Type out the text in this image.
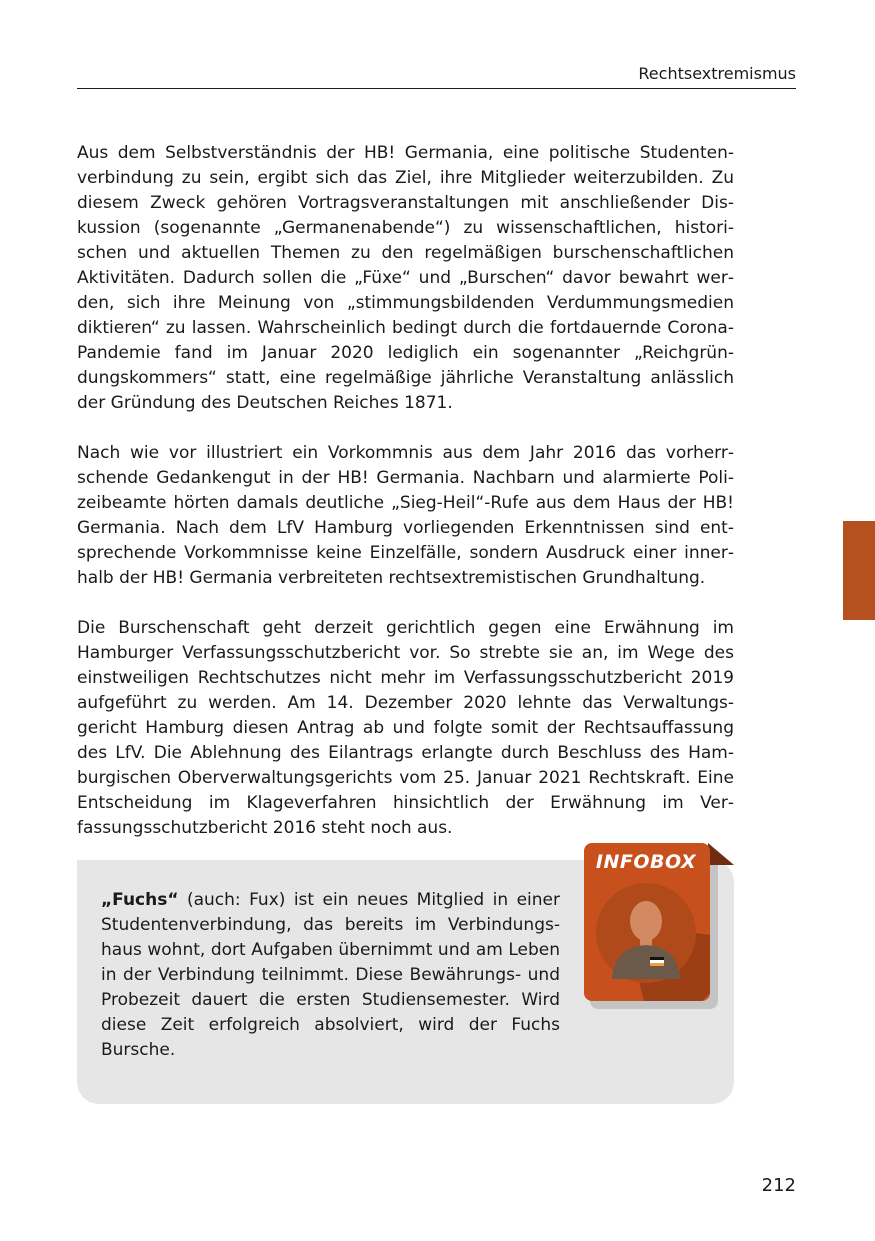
Rechtsextremismus

Aus dem Selbstverständnis der HB! Germania, eine politische Studentenverbindung zu sein, ergibt sich das Ziel, ihre Mitglieder weiterzubilden. Zu diesem Zweck gehören Vortragsveranstaltungen mit anschließender Diskussion (sogenannte „Germanenabende“) zu wissenschaftlichen, historischen und aktuellen Themen zu den regelmäßigen burschenschaftlichen Aktivitäten. Dadurch sollen die „Füxe“ und „Burschen“ davor bewahrt werden, sich ihre Meinung von „stimmungsbildenden Verdummungsmedien diktieren“ zu lassen. Wahrscheinlich bedingt durch die fortdauernde Corona-Pandemie fand im Januar 2020 lediglich ein sogenannter „Reichgründungskommers“ statt, eine regelmäßige jährliche Veranstaltung anlässlich der Gründung des Deutschen Reiches 1871.

Nach wie vor illustriert ein Vorkommnis aus dem Jahr 2016 das vorherrschende Gedankengut in der HB! Germania. Nachbarn und alarmierte Polizeibeamte hörten damals deutliche „Sieg-Heil“-Rufe aus dem Haus der HB! Germania. Nach dem LfV Hamburg vorliegenden Erkenntnissen sind entsprechende Vorkommnisse keine Einzelfälle, sondern Ausdruck einer innerhalb der HB! Germania verbreiteten rechtsextremistischen Grundhaltung.

Die Burschenschaft geht derzeit gerichtlich gegen eine Erwähnung im Hamburger Verfassungsschutzbericht vor. So strebte sie an, im Wege des einstweiligen Rechtschutzes nicht mehr im Verfassungsschutzbericht 2019 aufgeführt zu werden. Am 14. Dezember 2020 lehnte das Verwaltungsgericht Hamburg diesen Antrag ab und folgte somit der Rechtsauffassung des LfV. Die Ablehnung des Eilantrags erlangte durch Beschluss des Hamburgischen Oberverwaltungsgerichts vom 25. Januar 2021 Rechtskraft. Eine Entscheidung im Klageverfahren hinsichtlich der Erwähnung im Verfassungsschutzbericht 2016 steht noch aus.

„Fuchs“ (auch: Fux) ist ein neues Mitglied in einer Studentenverbindung, das bereits im Verbindungshaus wohnt, dort Aufgaben übernimmt und am Leben in der Verbindung teilnimmt. Diese Bewährungs- und Probezeit dauert die ersten Studiensemester. Wird diese Zeit erfolgreich absolviert, wird der Fuchs Bursche.

INFOBOX
212
